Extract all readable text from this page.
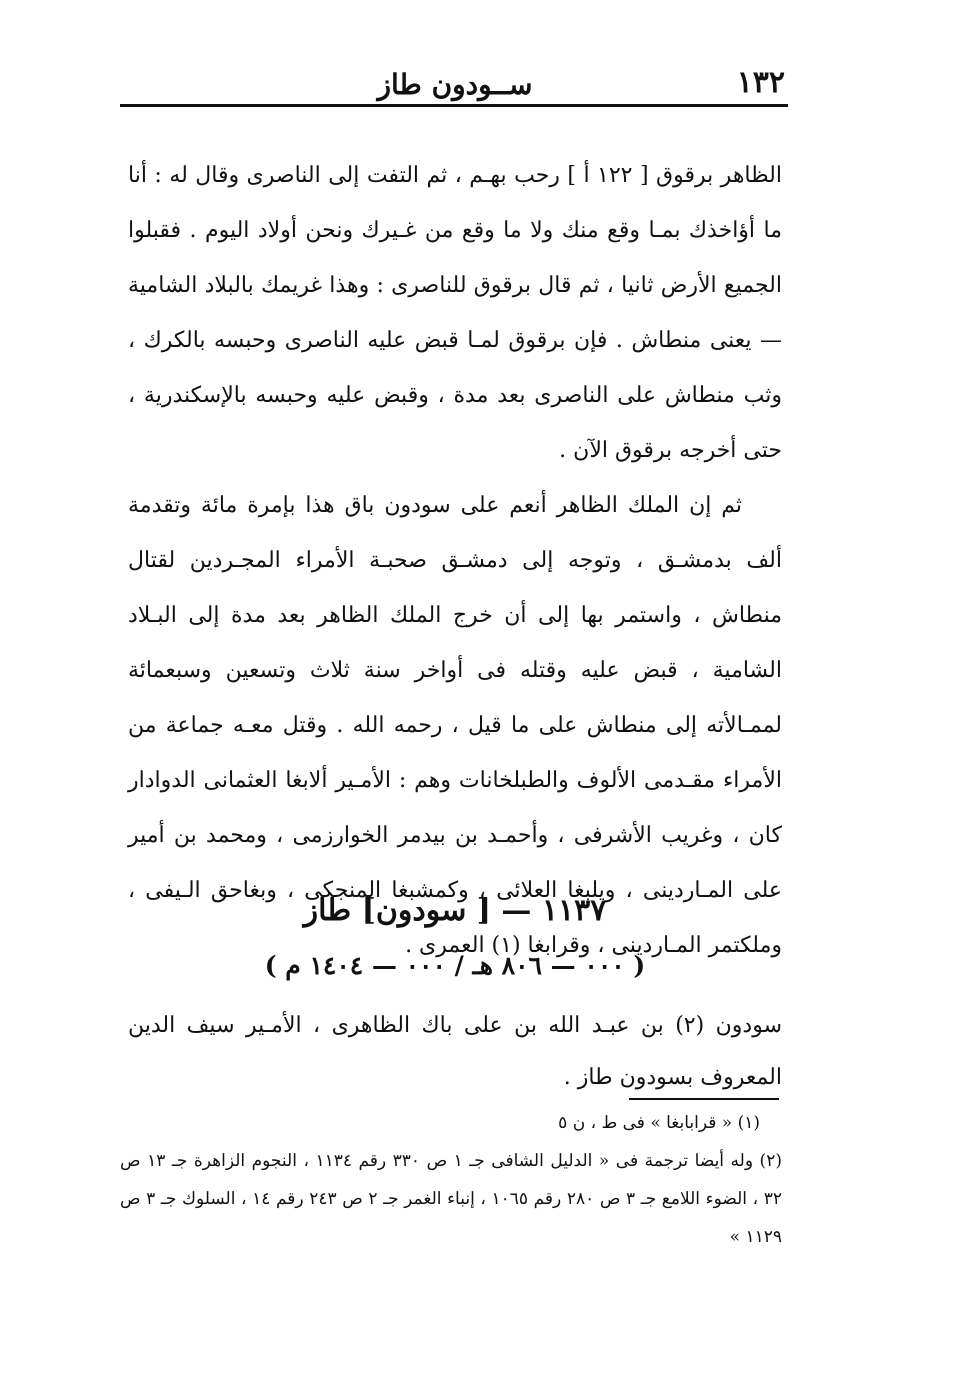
١٣٢
ســودون طاز

الظاهر برقوق [ ١٢٢ أ ] رحب بهـم ، ثم التفت إلى الناصرى وقال له : أنا ما أؤاخذك بمـا وقع منك ولا ما وقع من غـيرك ونحن أولاد اليوم . فقبلوا الجميع الأرض ثانيا ، ثم قال برقوق للناصرى : وهذا غريمك بالبلاد الشامية — يعنى منطاش . فإن برقوق لمـا قبض عليه الناصرى وحبسه بالكرك ، وثب منطاش على الناصرى بعد مدة ، وقبض عليه وحبسه بالإسكندرية ، حتى أخرجه برقوق الآن .

ثم إن الملك الظاهر أنعم على سودون باق هذا بإمرة مائة وتقدمة ألف بدمشـق ، وتوجه إلى دمشـق صحبـة الأمراء المجـردين لقتال منطاش ، واستمر بها إلى أن خرج الملك الظاهر بعد مدة إلى البـلاد الشامية ، قبض عليه وقتله فى أواخر سنة ثلاث وتسعين وسبعمائة لممـالأته إلى منطاش على ما قيل ، رحمه الله . وقتل معـه جماعة من الأمراء مقـدمى الألوف والطبلخانات وهم : الأمـير ألابغا العثمانى الدوادار كان ، وغريب الأشرفى ، وأحمـد بن بيدمر الخوارزمى ، ومحمد بن أمير على المـاردينى ، ويلبغا العلائى ، وكمشبغا المنجكى ، وبغاحق الـيفى ، وملكتمر المـاردينى ، وقرابغا (١) العمرى .

١١٣٧ — [ سودون] طاز
( ٠٠٠ — ٨٠٦ هـ / ٠٠٠ — ١٤٠٤ م )

سودون (٢) بن عبـد الله بن على باك الظاهرى ، الأمـير سيف الدين المعروف بسودون طاز .

(١) « قرابابغا » فى ط ، ن ٥

(٢) وله أيضا ترجمة فى « الدليل الشافى جـ ١ ص ٣٣٠ رقم ١١٣٤ ، النجوم الزاهرة جـ ١٣ ص ٣٢ ، الضوء اللامع جـ ٣ ص ٢٨٠ رقم ١٠٦٥ ، إنباء الغمر جـ ٢ ص ٢٤٣ رقم ١٤ ، السلوك جـ ٣ ص ١١٢٩ »
